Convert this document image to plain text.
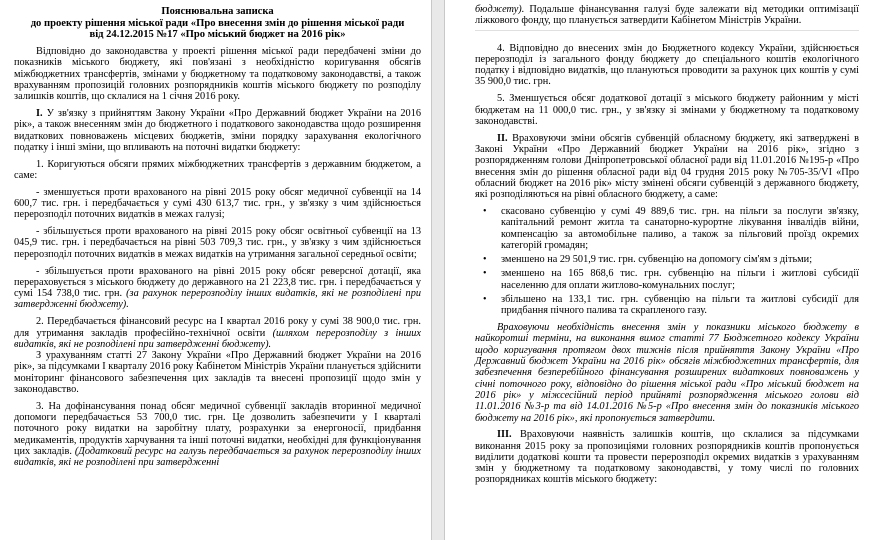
Пояснювальна записка
до проекту рішення міської ради «Про внесення змін до рішення міської ради
від 24.12.2015 №17 «Про міський бюджет на 2016 рік»

Відповідно до законодавства у проекті рішення міської ради передбачені зміни до показників міського бюджету, які пов'язані з необхідністю коригування обсягів міжбюджетних трансфертів, змінами у бюджетному та податковому законодавстві, а також врахуванням пропозицій головних розпорядників коштів міського бюджету по розподілу залишків коштів, що склалися на 1 січня 2016 року.

І. У зв'язку з прийняттям Закону України «Про Державний бюджет України на 2016 рік», а також внесенням змін до бюджетного і податкового законодавства щодо розширення видаткових повноважень місцевих бюджетів, зміни порядку зарахування екологічного податку і інші зміни, що впливають на поточні видатки бюджету:

1. Коригуються обсяги прямих міжбюджетних трансфертів з державним бюджетом, а саме:

- зменшується проти врахованого на рівні 2015 року обсяг медичної субвенції на 14 600,7 тис. грн. і передбачається у сумі 430 613,7 тис. грн., у зв'язку з чим здійснюється перерозподіл поточних видатків в межах галузі;

- збільшується проти врахованого на рівні 2015 року обсяг освітньої субвенції на 13 045,9 тис. грн. і передбачається на рівні 503 709,3 тис. грн., у зв'язку з чим здійснюється перерозподіл поточних видатків в межах видатків на утримання загальної середньої освіти;

- збільшується проти врахованого на рівні 2015 року обсяг реверсної дотації, яка перераховується з міського бюджету до державного на 21 223,8 тис. грн. і передбачається у сумі 154 738,0 тис. грн. (за рахунок перерозподілу інших видатків, які не розподілені при затвердженні бюджету).

2. Передбачається фінансовий ресурс на І квартал 2016 року у сумі 38 900,0 тис. грн. для утримання закладів професійно-технічної освіти (шляхом перерозподілу з інших видатків, які не розподілені при затвердженні бюджету).

З урахуванням статті 27 Закону України «Про Державний бюджет України на 2016 рік», за підсумками І кварталу 2016 року Кабінетом Міністрів України планується здійснити моніторинг фінансового забезпечення цих закладів та внесені пропозиції щодо змін у законодавство.

3. На дофінансування понад обсяг медичної субвенції закладів вторинної медичної допомоги передбачається 53 700,0 тис. грн. Це дозволить забезпечити у І кварталі поточного року видатки на заробітну плату, розрахунки за енергоносії, придбання медикаментів, продуктів харчування та інші поточні видатки, необхідні для функціонування цих закладів. (Додатковий ресурс на галузь передбачається за рахунок перерозподілу інших видатків, які не розподілені при затвердженні

бюджету). Подальше фінансування галузі буде залежати від методики оптимізації ліжкового фонду, що планується затвердити Кабінетом Міністрів України.

4. Відповідно до внесених змін до Бюджетного кодексу України, здійснюється перерозподіл із загального фонду бюджету до спеціального коштів екологічного податку і відповідно видатків, що плануються проводити за рахунок цих коштів у сумі 35 900,0 тис. грн.

5. Зменшується обсяг додаткової дотації з міського бюджету районним у місті бюджетам на 11 000,0 тис. грн., у зв'язку зі змінами у бюджетному та податковому законодавстві.

ІІ. Враховуючи зміни обсягів субвенцій обласному бюджету, які затверджені в Законі України «Про Державний бюджет України на 2016 рік», згідно з розпорядженням голови Дніпропетровської обласної ради від 11.01.2016 №195-р «Про внесення змін до рішення обласної ради від 04 грудня 2015 року №705-35/VI «Про обласний бюджет на 2016 рік» місту змінені обсяги субвенцій з державного бюджету, які розподіляються на рівні обласного бюджету, а саме:

• скасовано субвенцію у сумі 49 889,6 тис. грн. на пільги за послуги зв'язку, капітальний ремонт житла та санаторно-курортне лікування інвалідів війни, компенсацію за автомобільне паливо, а також за пільговий проїзд окремих категорій громадян;

• зменшено на 29 501,9 тис. грн. субвенцію на допомогу сім'ям з дітьми;

• зменшено на 165 868,6 тис. грн. субвенцію на пільги і житлові субсидії населенню для оплати житлово-комунальних послуг;

• збільшено на 133,1 тис. грн. субвенцію на пільги та житлові субсидії для придбання пічного палива та скрапленого газу.

Враховуючи необхідність внесення змін у показники міського бюджету в найкоротші терміни, на виконання вимог статті 77 Бюджетного кодексу України щодо коригування протягом двох тижнів після прийняття Закону України «Про Державний бюджет України на 2016 рік» обсягів міжбюджетних трансфертів, для забезпечення безперебійного фінансування розширених видаткових повноважень у січні поточного року, відповідно до рішення міської ради «Про міський бюджет на 2016 рік» у міжсесійний період прийняті розпорядження міського голови від 11.01.2016 №3-р та від 14.01.2016 №5-р «Про внесення змін до показників міського бюджету на 2016 рік», які пропонується затвердити.

ІІІ. Враховуючи наявність залишків коштів, що склалися за підсумками виконання 2015 року за пропозиціями головних розпорядників коштів пропонується виділити додаткові кошти та провести перерозподіл окремих видатків з урахуванням змін у бюджетному та податковому законодавстві, у тому числі по головних розпорядниках коштів міського бюджету:
